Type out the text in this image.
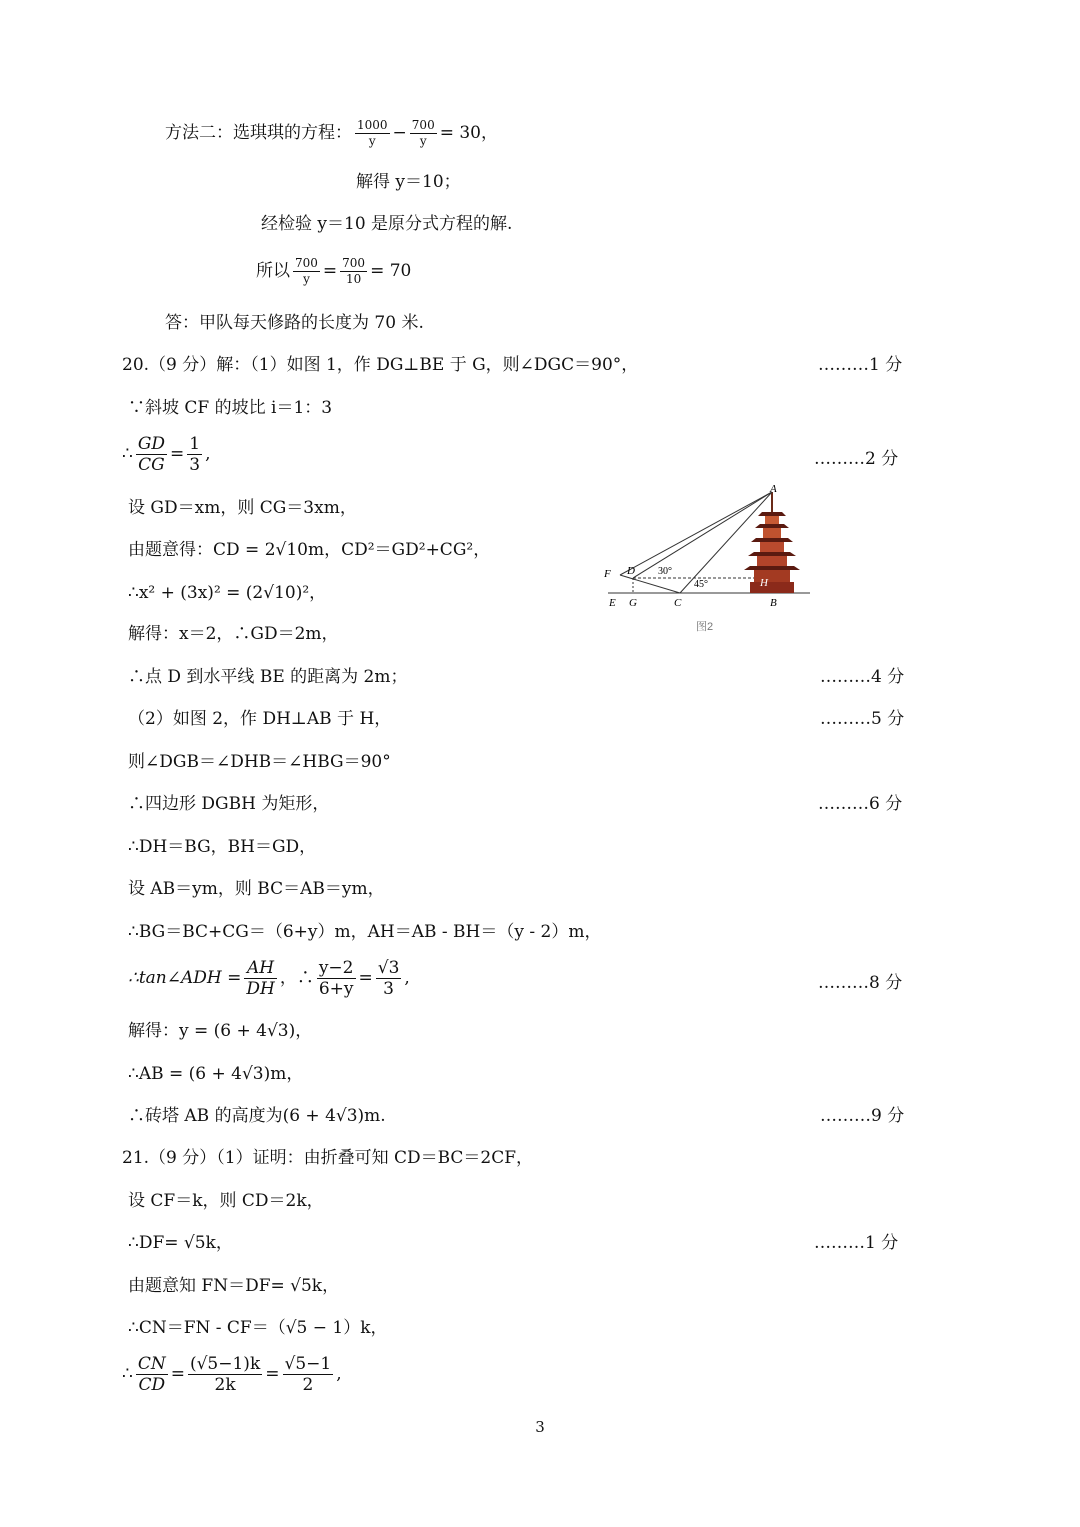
方法二：选琪琪的方程： $\frac{1000}{y} - \frac{700}{y} = 30$，
解得 y＝10；
经检验 y＝10 是原分式方程的解.
所以 $\frac{700}{y} = \frac{700}{10} = 70$
答：甲队每天修路的长度为 70 米.
20.（9 分）解：（1）如图 1，作 DG⊥BE 于 G，则∠DGC＝90°，	………1 分
∵斜坡 CF 的坡比 i＝1：3
∴ $\frac{GD}{CG} = \frac{1}{3}$ ,	………2 分
设 GD＝xm，则 CG＝3xm，
由题意得：CD = 2√10m，CD²＝GD²+CG²，
∴x² + (3x)² = (2√10)²，
解得：x＝2，∴GD＝2m，
∴点 D 到水平线 BE 的距离为 2m；	………4 分
（2）如图 2，作 DH⊥AB 于 H，	………5 分
则∠DGB＝∠DHB＝∠HBG＝90°
∴四边形 DGBH 为矩形，	………6 分
∴DH＝BG，BH＝GD，
设 AB＝ym，则 BC＝AB＝ym，
∴BG＝BC+CG＝（6+y）m，AH＝AB - BH＝（y - 2）m，
∴tan∠ADH = $\frac{AH}{DH}$ ，∴ $\frac{y-2}{6+y} = \frac{√3}{3}$ ,	………8 分
解得：y = (6 + 4√3)，
∴AB = (6 + 4√3)m，
∴砖塔 AB 的高度为(6 + 4√3)m.	………9 分
21.（9 分）（1）证明：由折叠可知 CD＝BC＝2CF，
设 CF＝k，则 CD＝2k，
∴DF= √5k，	………1 分
由题意知 FN＝DF= √5k，
∴CN＝FN - CF＝（√5 − 1）k，
∴ $\frac{CN}{CD} = \frac{(√5-1)k}{2k} = \frac{√5-1}{2}$ ,
A
B
C
D
E
F
G
H
30°
45°
图2
3
